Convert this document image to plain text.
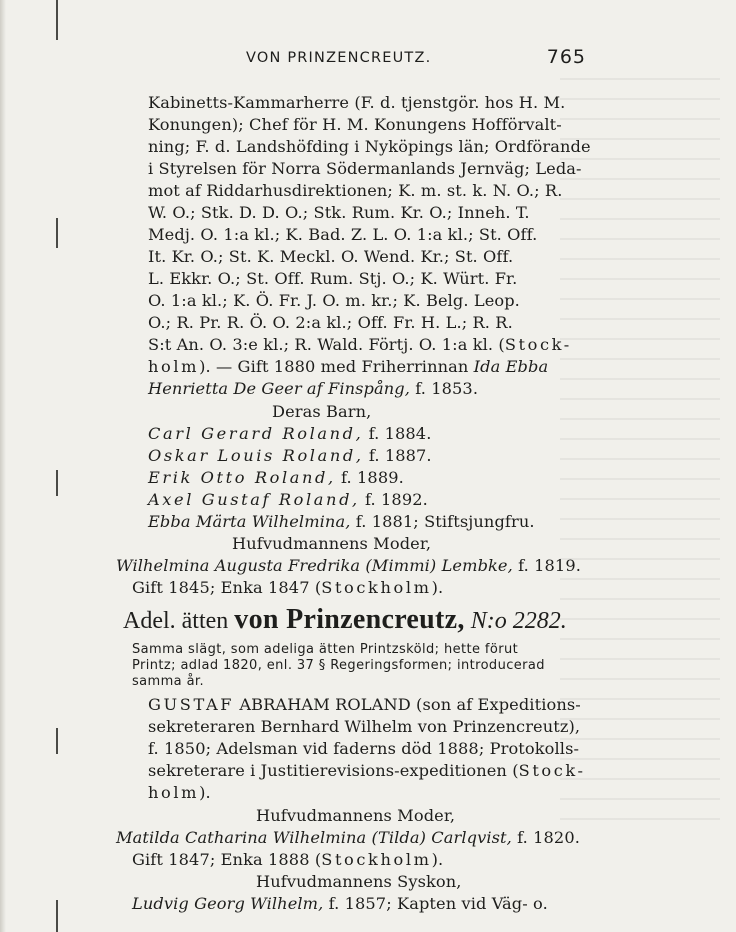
VON PRINZENCREUTZ.	765
Kabinetts-Kammarherre (F. d. tjenstgör. hos H. M.
Konungen); Chef för H. M. Konungens Hofförvalt-
ning; F. d. Landshöfding i Nyköpings län; Ordförande
i Styrelsen för Norra Södermanlands Jernväg; Leda-
mot af Riddarhusdirektionen; K. m. st. k. N. O.; R.
W. O.; Stk. D. D. O.; Stk. Rum. Kr. O.; Inneh. T.
Medj. O. 1:a kl.; K. Bad. Z. L. O. 1:a kl.; St. Off.
It. Kr. O.; St. K. Meckl. O. Wend. Kr.; St. Off.
L. Ekkr. O.; St. Off. Rum. Stj. O.; K. Würt. Fr.
O. 1:a kl.; K. Ö. Fr. J. O. m. kr.; K. Belg. Leop.
O.; R. Pr. R. Ö. O. 2:a kl.; Off. Fr. H. L.; R. R.
S:t An. O. 3:e kl.; R. Wald. Förtj. O. 1:a kl. (Stock-
holm). — Gift 1880 med Friherrinnan Ida Ebba
Henrietta De Geer af Finspång, f. 1853.
Deras Barn,
Carl Gerard Roland, f. 1884.
Oskar Louis Roland, f. 1887.
Erik Otto Roland, f. 1889.
Axel Gustaf Roland, f. 1892.
Ebba Märta Wilhelmina, f. 1881; Stiftsjungfru.
Hufvudmannens Moder,
Wilhelmina Augusta Fredrika (Mimmi) Lembke, f. 1819.
Gift 1845; Enka 1847 (Stockholm).
Adel. ätten von Prinzencreutz, N:o 2282.
Samma slägt, som adeliga ätten Printzsköld; hette förut
Printz; adlad 1820, enl. 37 § Regeringsformen; introducerad
samma år.
GUSTAF ABRAHAM ROLAND (son af Expeditions-
sekreteraren Bernhard Wilhelm von Prinzencreutz),
f. 1850; Adelsman vid faderns död 1888; Protokolls-
sekreterare i Justitierevisions-expeditionen (Stock-
holm).
Hufvudmannens Moder,
Matilda Catharina Wilhelmina (Tilda) Carlqvist, f. 1820.
Gift 1847; Enka 1888 (Stockholm).
Hufvudmannens Syskon,
Ludvig Georg Wilhelm, f. 1857; Kapten vid Väg- o.
